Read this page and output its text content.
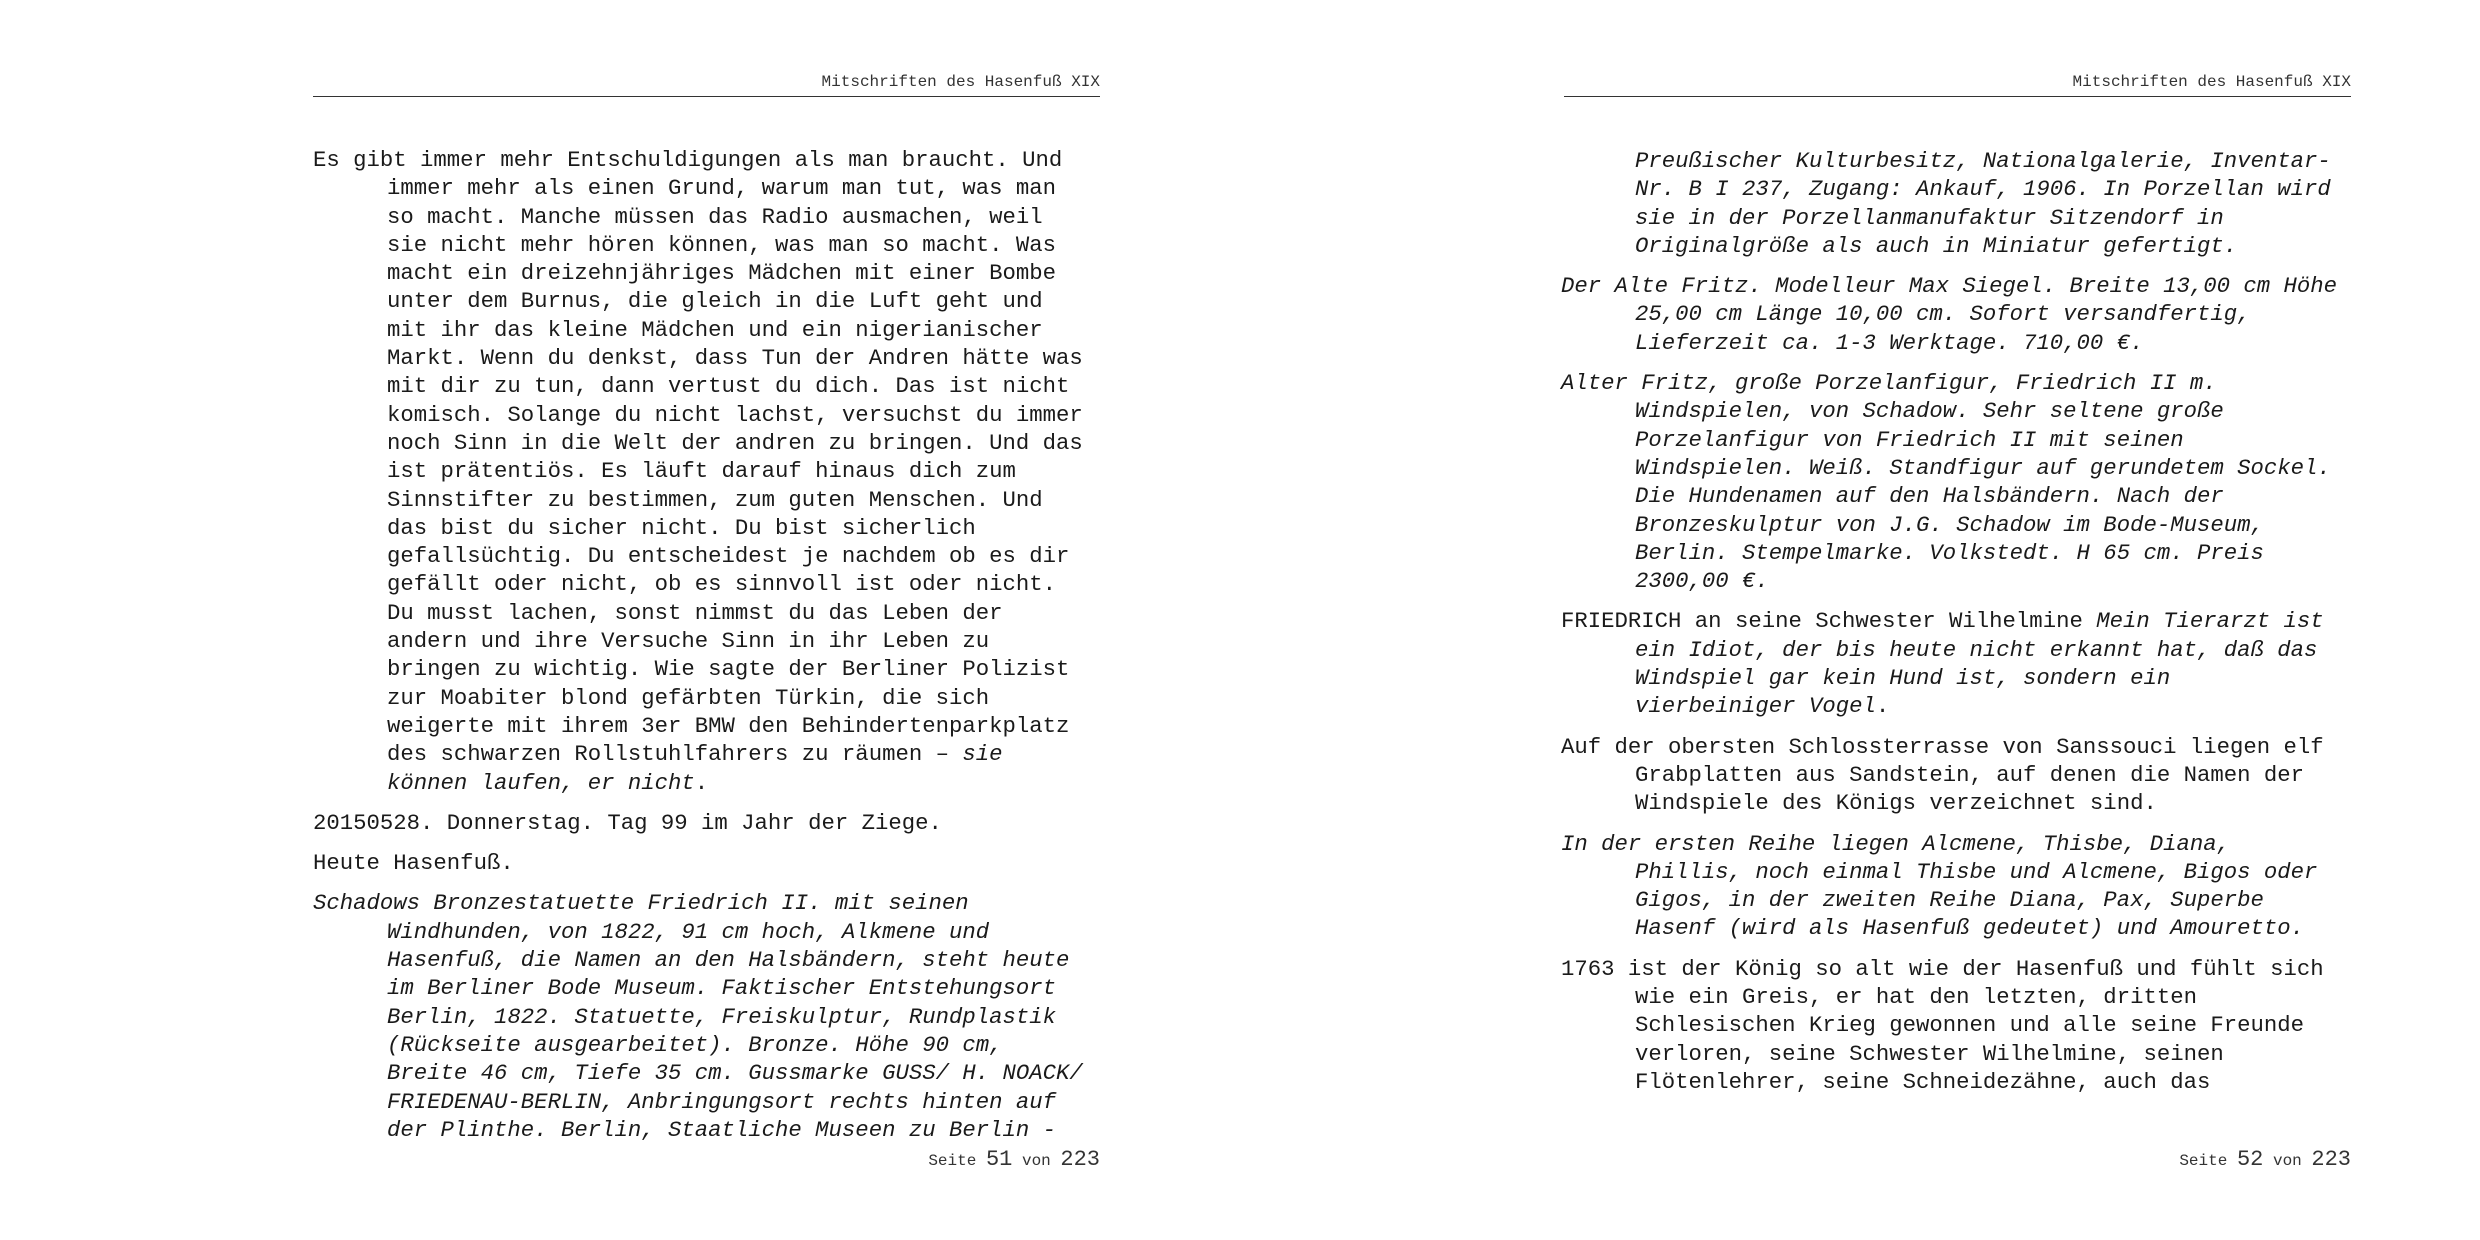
Mitschriften des Hasenfuß XIX

Es gibt immer mehr Entschuldigungen als man braucht. Und immer mehr als einen Grund, warum man tut, was man so macht. Manche müssen das Radio ausmachen, weil sie nicht mehr hören können, was man so macht. Was macht ein dreizehnjähriges Mädchen mit einer Bombe unter dem Burnus, die gleich in die Luft geht und mit ihr das kleine Mädchen und ein nigerianischer Markt. Wenn du denkst, dass Tun der Andren hätte was mit dir zu tun, dann vertust du dich. Das ist nicht komisch. Solange du nicht lachst, versuchst du immer noch Sinn in die Welt der andren zu bringen. Und das ist prätentiös. Es läuft darauf hinaus dich zum Sinnstifter zu bestimmen, zum guten Menschen. Und das bist du sicher nicht. Du bist sicherlich gefallsüchtig. Du entscheidest je nachdem ob es dir gefällt oder nicht, ob es sinnvoll ist oder nicht. Du musst lachen, sonst nimmst du das Leben der andern und ihre Versuche Sinn in ihr Leben zu bringen zu wichtig. Wie sagte der Berliner Polizist zur Moabiter blond gefärbten Türkin, die sich weigerte mit ihrem 3er BMW den Behindertenparkplatz des schwarzen Rollstuhlfahrers zu räumen – sie können laufen, er nicht.

20150528. Donnerstag. Tag 99 im Jahr der Ziege.

Heute Hasenfuß.

Schadows Bronzestatuette Friedrich II. mit seinen Windhunden, von 1822, 91 cm hoch, Alkmene und Hasenfuß, die Namen an den Halsbändern, steht heute im Berliner Bode Museum. Faktischer Entstehungsort Berlin, 1822. Statuette, Freiskulptur, Rundplastik (Rückseite ausgearbeitet). Bronze. Höhe 90 cm, Breite 46 cm, Tiefe 35 cm. Gussmarke GUSS/ H. NOACK/ FRIEDENAU-BERLIN, Anbringungsort rechts hinten auf der Plinthe. Berlin, Staatliche Museen zu Berlin -

Seite 51 von 223
Mitschriften des Hasenfuß XIX

Preußischer Kulturbesitz, Nationalgalerie, Inventar-Nr. B I 237, Zugang: Ankauf, 1906. In Porzellan wird sie in der Porzellanmanufaktur Sitzendorf in Originalgröße als auch in Miniatur gefertigt.

Der Alte Fritz. Modelleur Max Siegel. Breite 13,00 cm Höhe 25,00 cm Länge 10,00 cm. Sofort versandfertig, Lieferzeit ca. 1-3 Werktage. 710,00 €.

Alter Fritz, große Porzelanfigur, Friedrich II m. Windspielen, von Schadow. Sehr seltene große Porzelanfigur von Friedrich II mit seinen Windspielen. Weiß. Standfigur auf gerundetem Sockel. Die Hundenamen auf den Halsbändern. Nach der Bronzeskulptur von J.G. Schadow im Bode-Museum, Berlin. Stempelmarke. Volkstedt. H 65 cm. Preis 2300,00 €.

FRIEDRICH an seine Schwester Wilhelmine Mein Tierarzt ist ein Idiot, der bis heute nicht erkannt hat, daß das Windspiel gar kein Hund ist, sondern ein vierbeiniger Vogel.

Auf der obersten Schlossterrasse von Sanssouci liegen elf Grabplatten aus Sandstein, auf denen die Namen der Windspiele des Königs verzeichnet sind.

In der ersten Reihe liegen Alcmene, Thisbe, Diana, Phillis, noch einmal Thisbe und Alcmene, Bigos oder Gigos, in der zweiten Reihe Diana, Pax, Superbe Hasenf (wird als Hasenfuß gedeutet) und Amouretto.

1763 ist der König so alt wie der Hasenfuß und fühlt sich wie ein Greis, er hat den letzten, dritten Schlesischen Krieg gewonnen und alle seine Freunde verloren, seine Schwester Wilhelmine, seinen Flötenlehrer, seine Schneidezähne, auch das

Seite 52 von 223
